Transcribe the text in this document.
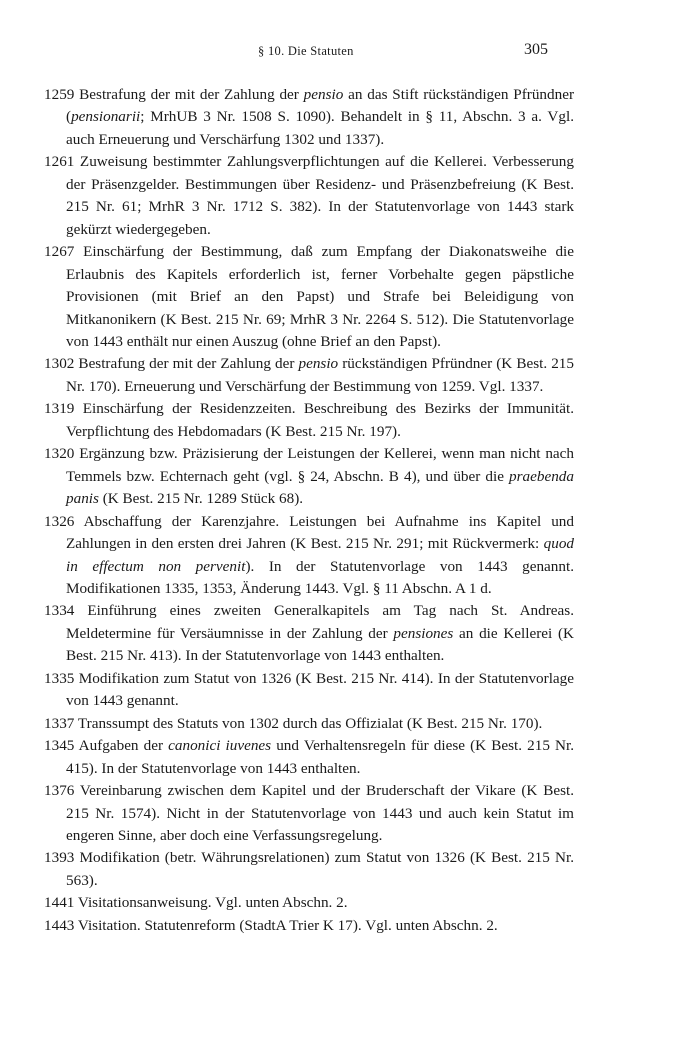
§ 10. Die Statuten	305

1259 Bestrafung der mit der Zahlung der pensio an das Stift rückständigen Pfründner (pensionarii; MrhUB 3 Nr. 1508 S. 1090). Behandelt in § 11, Abschn. 3 a. Vgl. auch Erneuerung und Verschärfung 1302 und 1337).

1261 Zuweisung bestimmter Zahlungsverpflichtungen auf die Kellerei. Verbesserung der Präsenzgelder. Bestimmungen über Residenz- und Präsenzbefreiung (K Best. 215 Nr. 61; MrhR 3 Nr. 1712 S. 382). In der Statutenvorlage von 1443 stark gekürzt wiedergegeben.

1267 Einschärfung der Bestimmung, daß zum Empfang der Diakonatsweihe die Erlaubnis des Kapitels erforderlich ist, ferner Vorbehalte gegen päpstliche Provisionen (mit Brief an den Papst) und Strafe bei Beleidigung von Mitkanonikern (K Best. 215 Nr. 69; MrhR 3 Nr. 2264 S. 512). Die Statutenvorlage von 1443 enthält nur einen Auszug (ohne Brief an den Papst).

1302 Bestrafung der mit der Zahlung der pensio rückständigen Pfründner (K Best. 215 Nr. 170). Erneuerung und Verschärfung der Bestimmung von 1259. Vgl. 1337.

1319 Einschärfung der Residenzzeiten. Beschreibung des Bezirks der Immunität. Verpflichtung des Hebdomadars (K Best. 215 Nr. 197).

1320 Ergänzung bzw. Präzisierung der Leistungen der Kellerei, wenn man nicht nach Temmels bzw. Echternach geht (vgl. § 24, Abschn. B 4), und über die praebenda panis (K Best. 215 Nr. 1289 Stück 68).

1326 Abschaffung der Karenzjahre. Leistungen bei Aufnahme ins Kapitel und Zahlungen in den ersten drei Jahren (K Best. 215 Nr. 291; mit Rückvermerk: quod in effectum non pervenit). In der Statutenvorlage von 1443 genannt. Modifikationen 1335, 1353, Änderung 1443. Vgl. § 11 Abschn. A 1 d.

1334 Einführung eines zweiten Generalkapitels am Tag nach St. Andreas. Meldetermine für Versäumnisse in der Zahlung der pensiones an die Kellerei (K Best. 215 Nr. 413). In der Statutenvorlage von 1443 enthalten.

1335 Modifikation zum Statut von 1326 (K Best. 215 Nr. 414). In der Statutenvorlage von 1443 genannt.

1337 Transsumpt des Statuts von 1302 durch das Offizialat (K Best. 215 Nr. 170).

1345 Aufgaben der canonici iuvenes und Verhaltensregeln für diese (K Best. 215 Nr. 415). In der Statutenvorlage von 1443 enthalten.

1376 Vereinbarung zwischen dem Kapitel und der Bruderschaft der Vikare (K Best. 215 Nr. 1574). Nicht in der Statutenvorlage von 1443 und auch kein Statut im engeren Sinne, aber doch eine Verfassungsregelung.

1393 Modifikation (betr. Währungsrelationen) zum Statut von 1326 (K Best. 215 Nr. 563).

1441 Visitationsanweisung. Vgl. unten Abschn. 2.

1443 Visitation. Statutenreform (StadtA Trier K 17). Vgl. unten Abschn. 2.
